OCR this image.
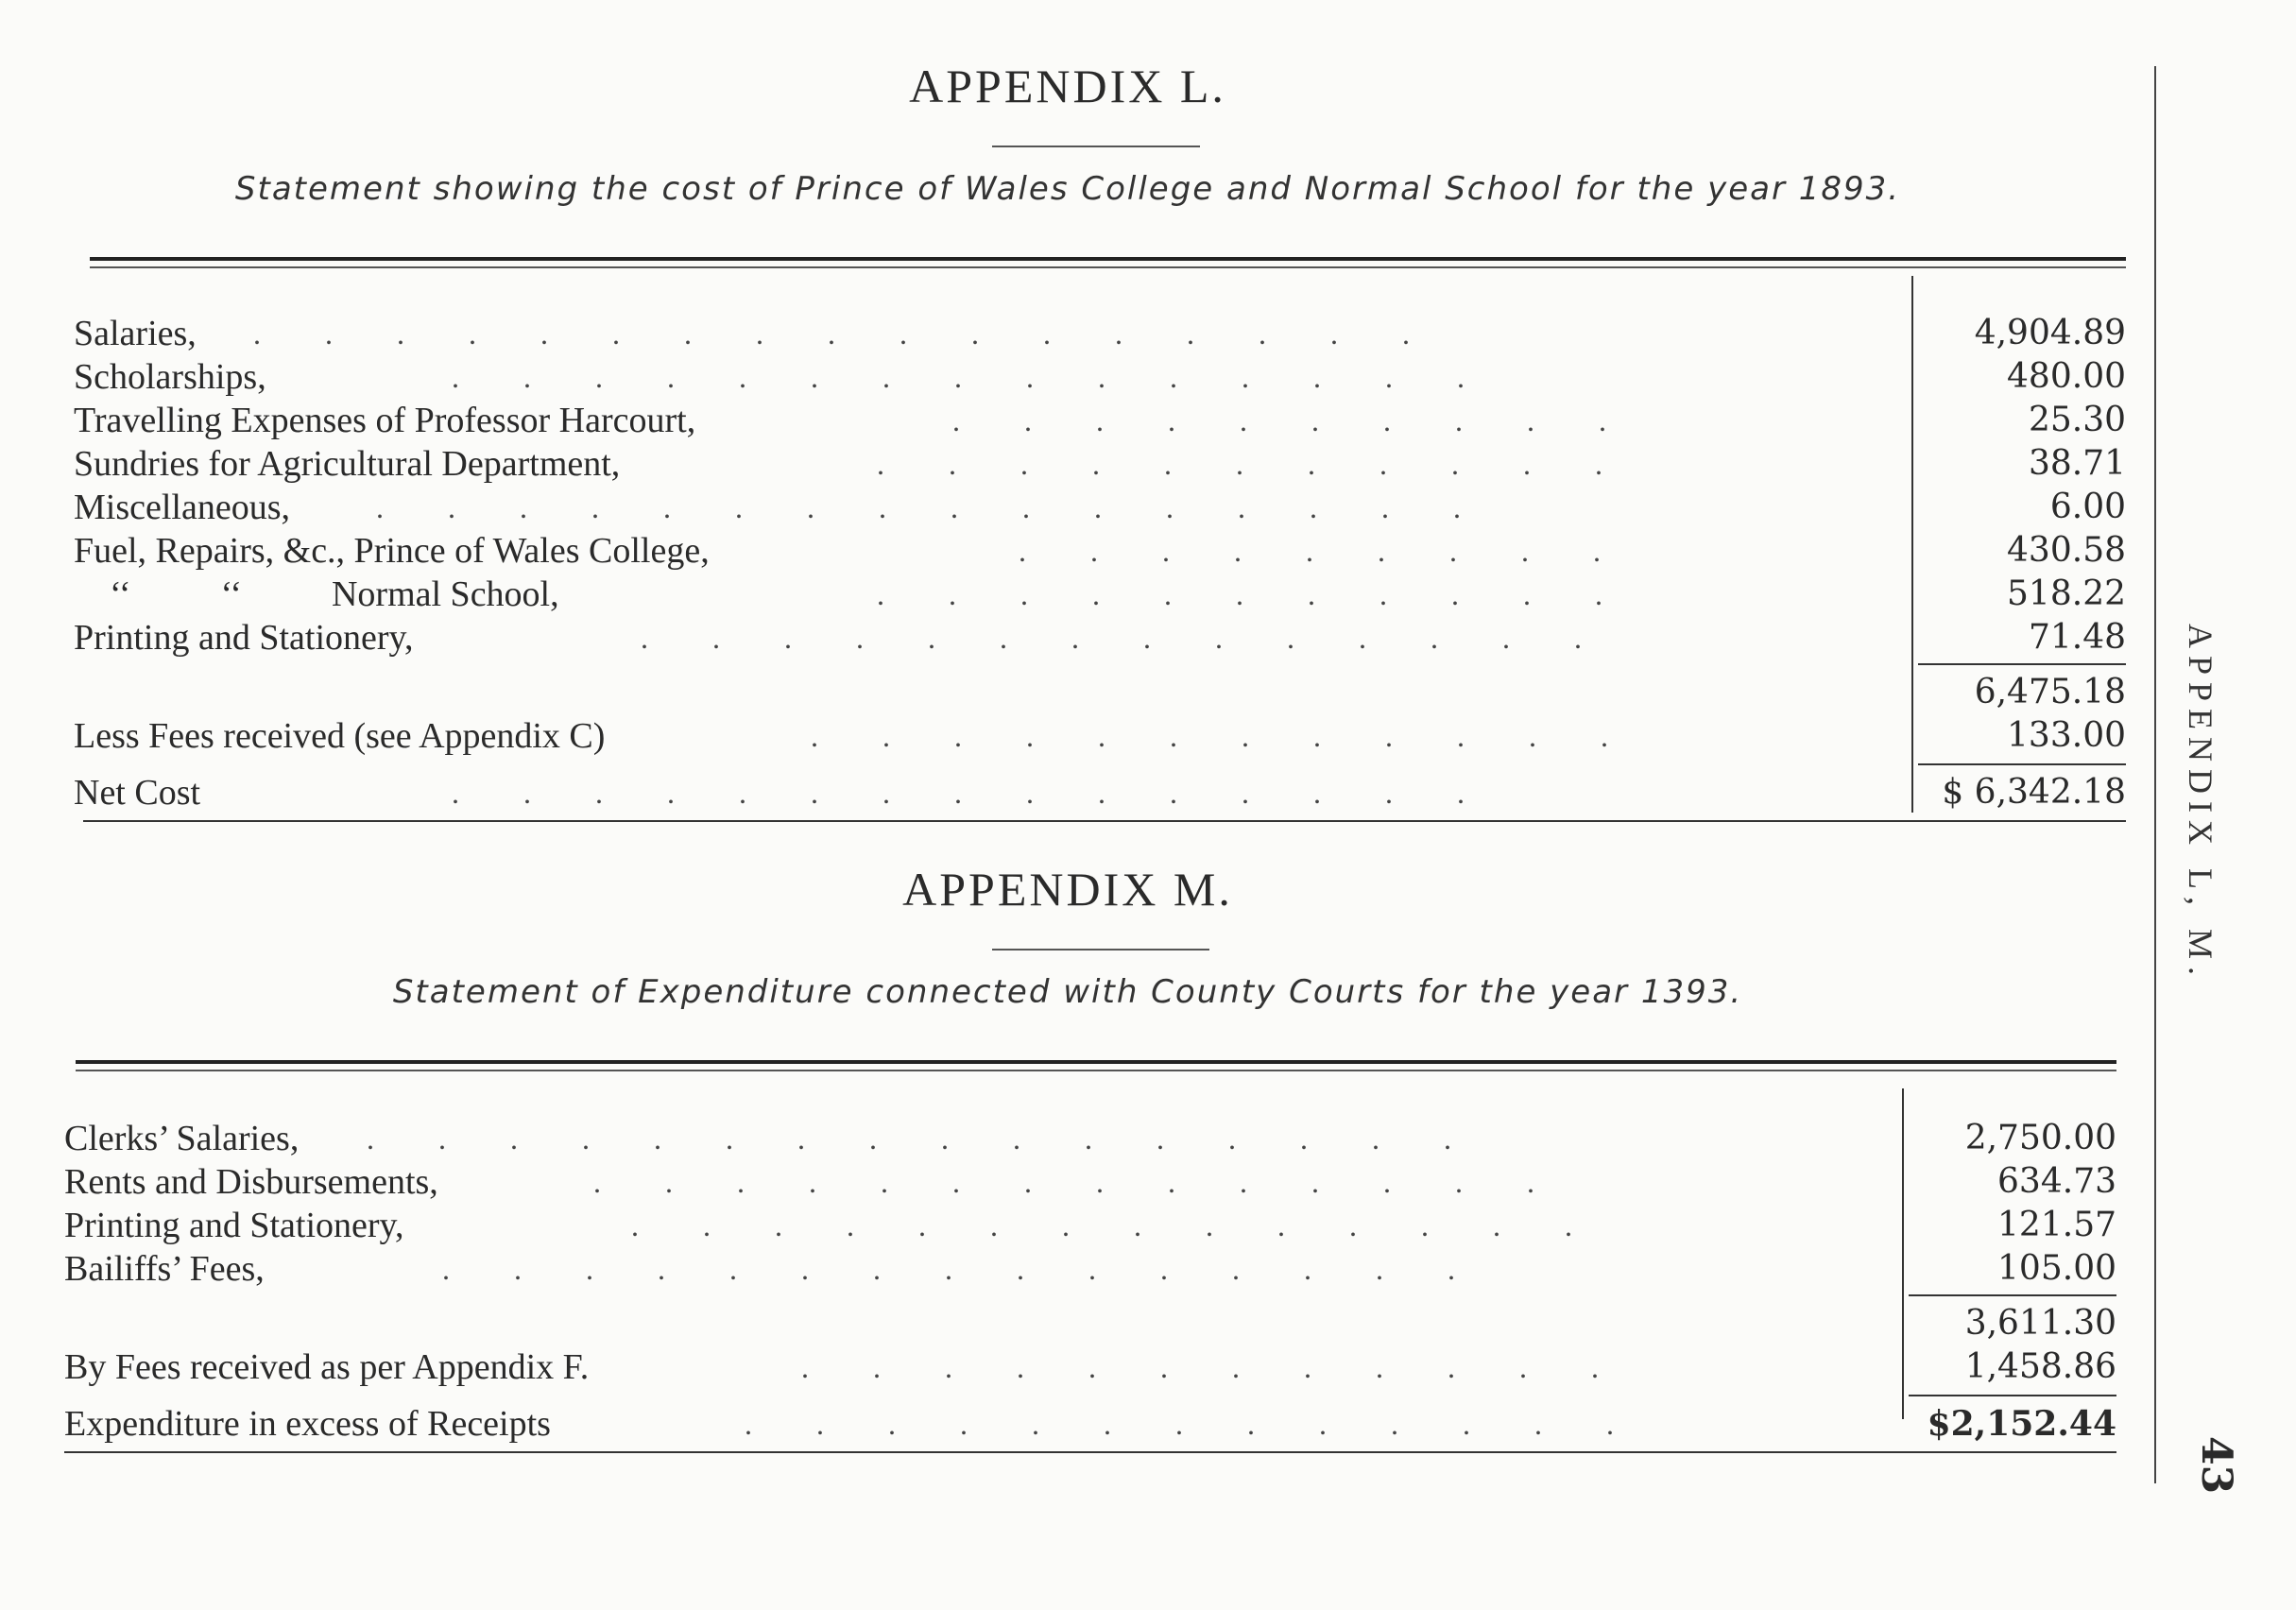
APPENDIX L.
Statement showing the cost of Prince of Wales College and Normal School for the year 1893.
Salaries, .................	4,904.89
Scholarships,	...............	480.00
Travelling Expenses of Professor Harcourt,	..........	25.30
Sundries for Agricultural Department,	...........	38.71
Miscellaneous,	................	6.00
Fuel, Repairs, &c., Prince of Wales College,	.........	430.58
‘‘          ‘‘          Normal School,	...........	518.22
Printing and Stationery,	..............	71.48
6,475.18
Less Fees received (see Appendix C)	............	133.00
Net Cost	...............	$ 6,342.18
APPENDIX M.
Statement of Expenditure connected with County Courts for the year 1393.
Clerks’ Salaries, ................	2,750.00
Rents and Disbursements,	..............	634.73
Printing and Stationery,	..............	121.57
Bailiffs’ Fees,	...............	105.00
3,611.30
By Fees received as per Appendix F.	............	1,458.86
Expenditure in excess of Receipts	.............	$2,152.44
APPENDIX L, M.
43
